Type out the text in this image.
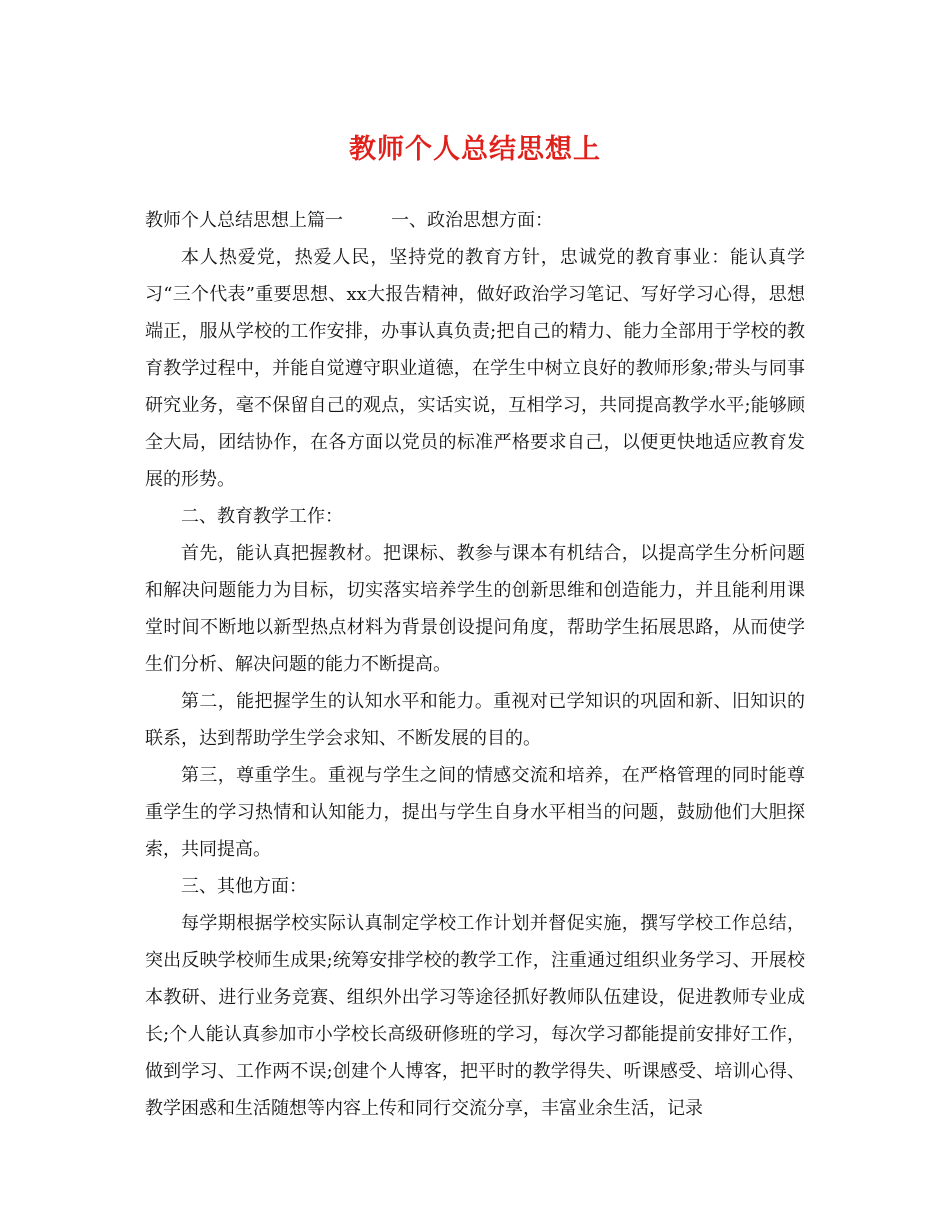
教师个人总结思想上

教师个人总结思想上篇一	一、政治思想方面：

本人热爱党，热爱人民，坚持党的教育方针，忠诚党的教育事业：能认真学习“三个代表”重要思想、xx大报告精神，做好政治学习笔记、写好学习心得，思想端正，服从学校的工作安排，办事认真负责;把自己的精力、能力全部用于学校的教育教学过程中，并能自觉遵守职业道德，在学生中树立良好的教师形象;带头与同事研究业务，毫不保留自己的观点，实话实说，互相学习，共同提高教学水平;能够顾全大局，团结协作，在各方面以党员的标准严格要求自己，以便更快地适应教育发展的形势。

二、教育教学工作：

首先，能认真把握教材。把课标、教参与课本有机结合，以提高学生分析问题和解决问题能力为目标，切实落实培养学生的创新思维和创造能力，并且能利用课堂时间不断地以新型热点材料为背景创设提问角度，帮助学生拓展思路，从而使学生们分析、解决问题的能力不断提高。

第二，能把握学生的认知水平和能力。重视对已学知识的巩固和新、旧知识的联系，达到帮助学生学会求知、不断发展的目的。

第三，尊重学生。重视与学生之间的情感交流和培养，在严格管理的同时能尊重学生的学习热情和认知能力，提出与学生自身水平相当的问题，鼓励他们大胆探索，共同提高。

三、其他方面：

每学期根据学校实际认真制定学校工作计划并督促实施，撰写学校工作总结，突出反映学校师生成果;统筹安排学校的教学工作，注重通过组织业务学习、开展校本教研、进行业务竞赛、组织外出学习等途径抓好教师队伍建设，促进教师专业成长;个人能认真参加市小学校长高级研修班的学习，每次学习都能提前安排好工作，做到学习、工作两不误;创建个人博客，把平时的教学得失、听课感受、培训心得、教学困惑和生活随想等内容上传和同行交流分享，丰富业余生活，记录
